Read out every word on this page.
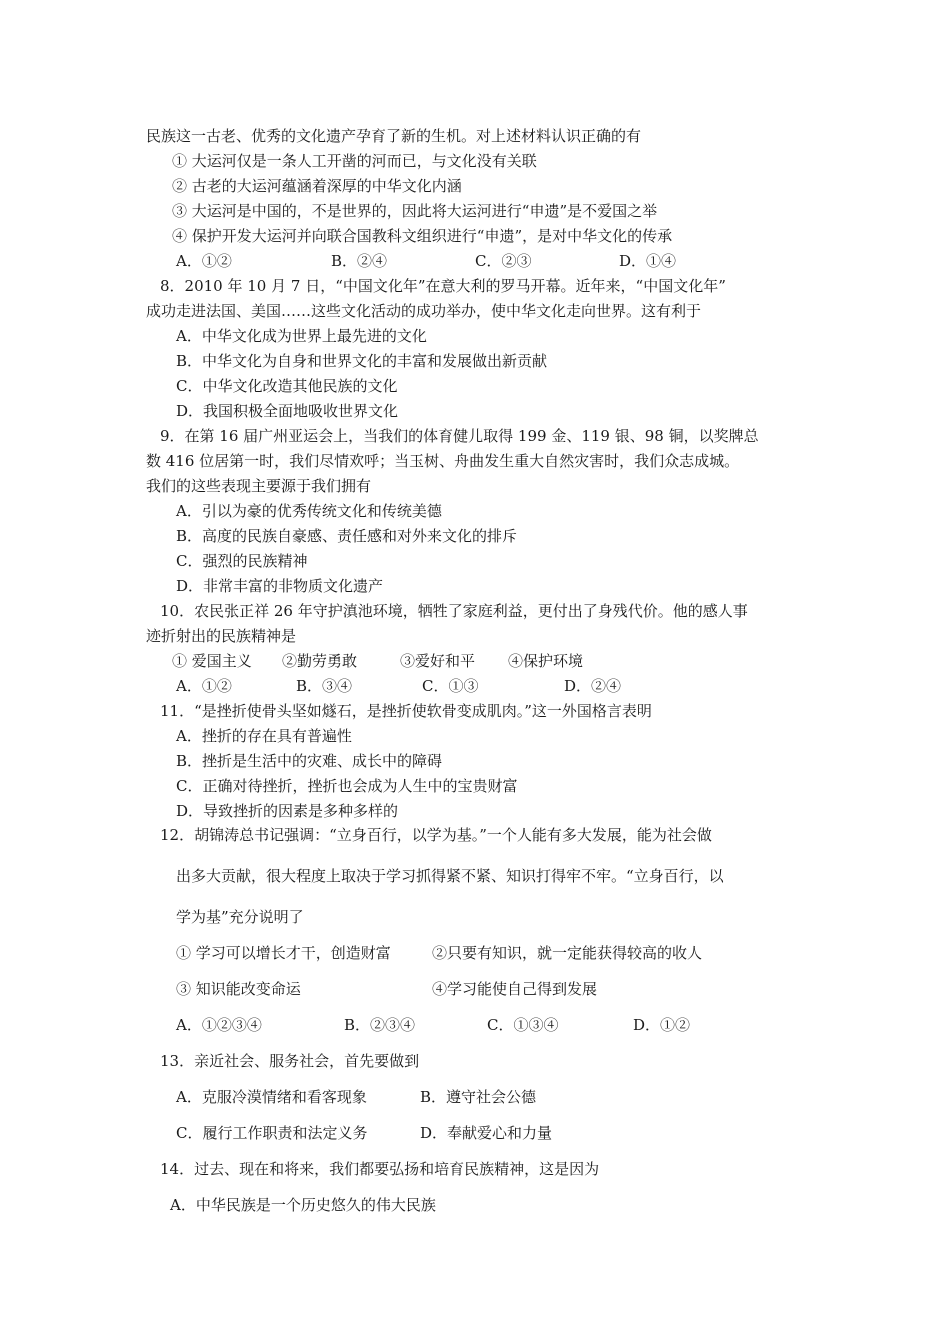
民族这一古老、优秀的文化遗产孕育了新的生机。对上述材料认识正确的有
① 大运河仅是一条人工开凿的河而已，与文化没有关联
② 古老的大运河蕴涵着深厚的中华文化内涵
③ 大运河是中国的，不是世界的，因此将大运河进行“申遗”是不爱国之举
④ 保护开发大运河并向联合国教科文组织进行“申遗”，是对中华文化的传承
A．①②	B．②④	C．②③	D．①④
8．2010 年 10 月 7 日，“中国文化年”在意大利的罗马开幕。近年来，“中国文化年”
成功走进法国、美国……这些文化活动的成功举办，使中华文化走向世界。这有利于
A．中华文化成为世界上最先进的文化
B．中华文化为自身和世界文化的丰富和发展做出新贡献
C．中华文化改造其他民族的文化
D．我国积极全面地吸收世界文化
9．在第 16 届广州亚运会上，当我们的体育健儿取得 199 金、119 银、98 铜，以奖牌总
数 416 位居第一时，我们尽情欢呼；当玉树、舟曲发生重大自然灾害时，我们众志成城。
我们的这些表现主要源于我们拥有
A．引以为豪的优秀传统文化和传统美德
B．高度的民族自豪感、责任感和对外来文化的排斥
C．强烈的民族精神
D．非常丰富的非物质文化遗产
10．农民张正祥 26 年守护滇池环境，牺牲了家庭利益，更付出了身残代价。他的感人事
迹折射出的民族精神是
① 爱国主义 ②勤劳勇敢	③爱好和平 ④保护环境
A．①②	B．③④	C．①③	D．②④
11．“是挫折使骨头坚如燧石，是挫折使软骨变成肌肉。”这一外国格言表明
A．挫折的存在具有普遍性
B．挫折是生活中的灾难、成长中的障碍
C．正确对待挫折，挫折也会成为人生中的宝贵财富
D．导致挫折的因素是多种多样的
12．胡锦涛总书记强调：“立身百行，以学为基。”一个人能有多大发展，能为社会做
出多大贡献，很大程度上取决于学习抓得紧不紧、知识打得牢不牢。“立身百行，以
学为基”充分说明了
① 学习可以增长才干，创造财富	②只要有知识，就一定能获得较高的收人
③ 知识能改变命运	④学习能使自己得到发展
A．①②③④	B．②③④	C．①③④	D．①②
13．亲近社会、服务社会，首先要做到
A．克服冷漠情绪和看客现象	B．遵守社会公德
C．履行工作职责和法定义务	D．奉献爱心和力量
14．过去、现在和将来，我们都要弘扬和培育民族精神，这是因为
A．中华民族是一个历史悠久的伟大民族
